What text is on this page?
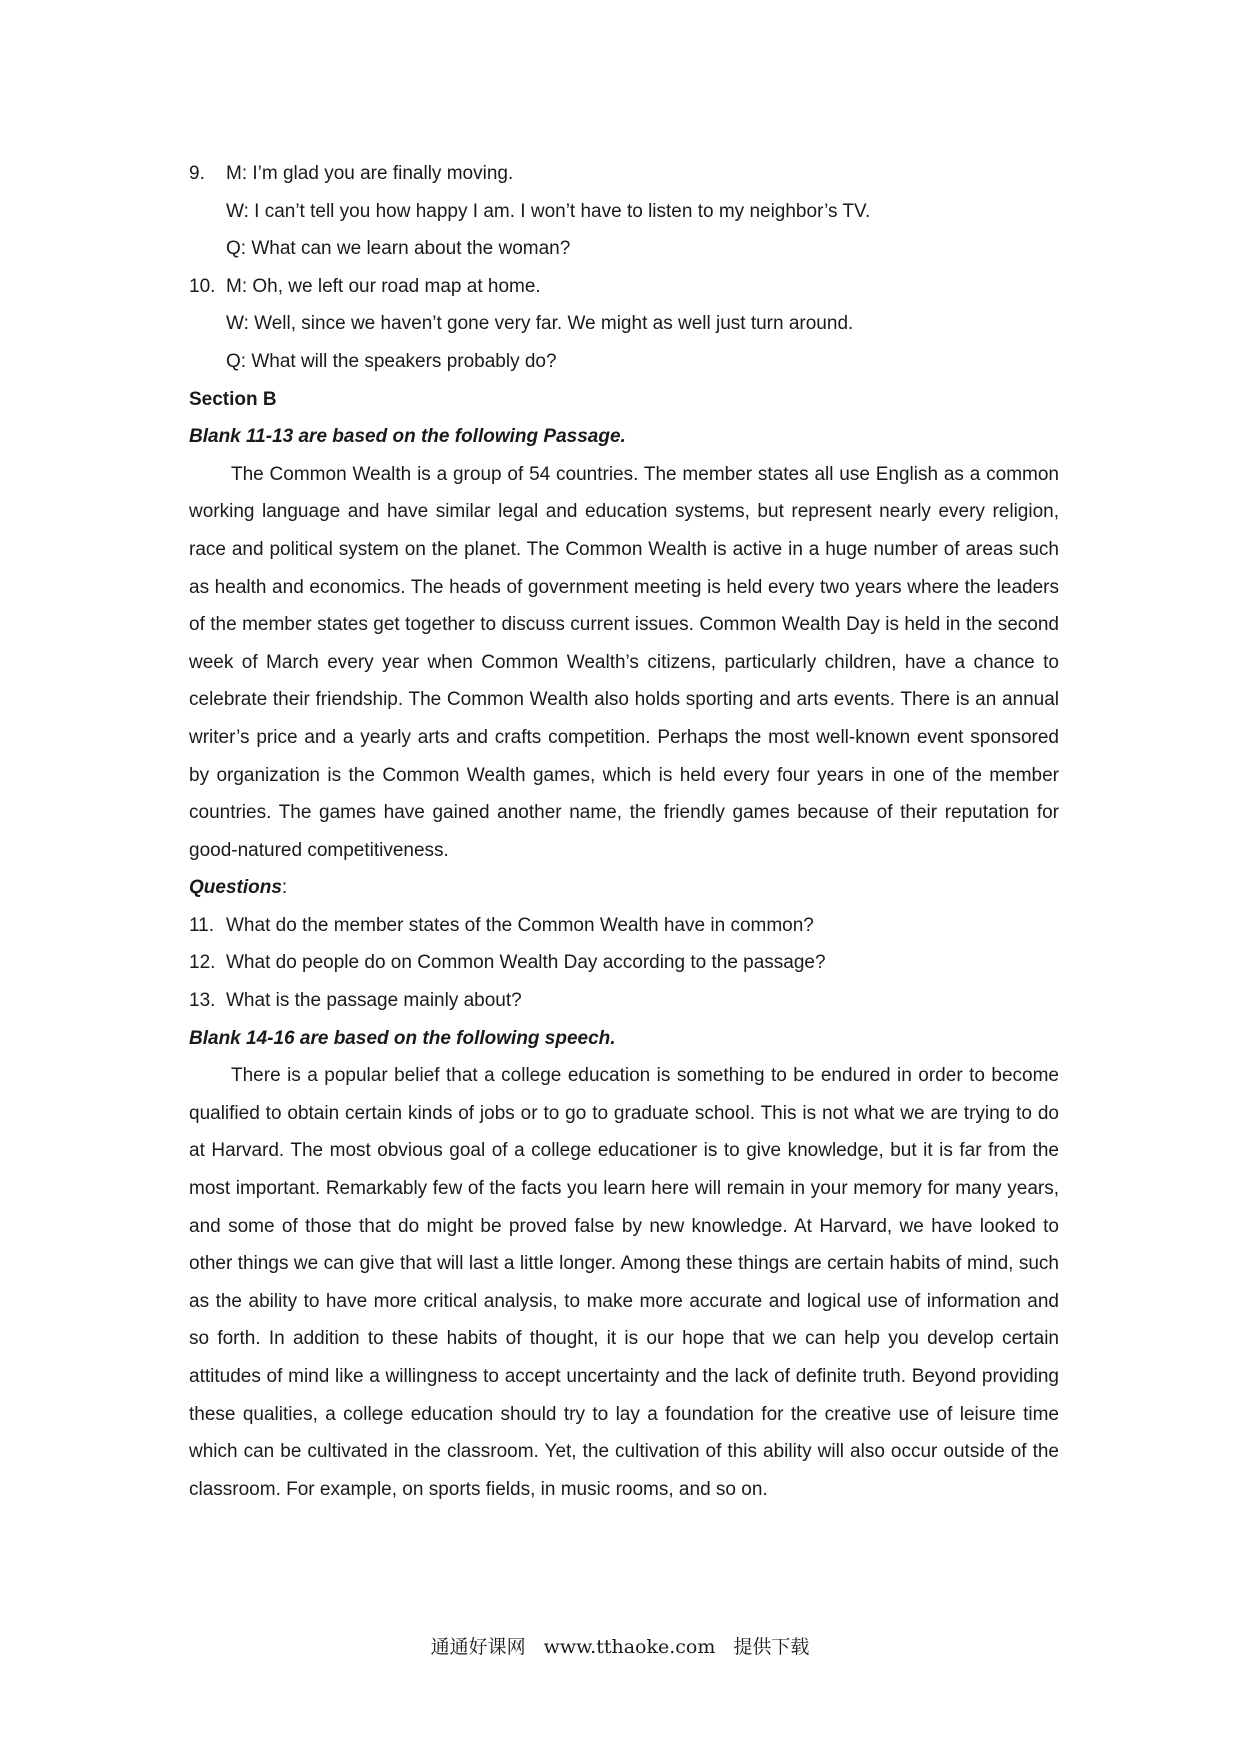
9.	M: I’m glad you are finally moving.
W: I can’t tell you how happy I am. I won’t have to listen to my neighbor’s TV.
Q: What can we learn about the woman?
10. M: Oh, we left our road map at home.
W: Well, since we haven’t gone very far. We might as well just turn around.
Q: What will the speakers probably do?
Section B
Blank 11-13 are based on the following Passage.

The Common Wealth is a group of 54 countries. The member states all use English as a common working language and have similar legal and education systems, but represent nearly every religion, race and political system on the planet. The Common Wealth is active in a huge number of areas such as health and economics. The heads of government meeting is held every two years where the leaders of the member states get together to discuss current issues. Common Wealth Day is held in the second week of March every year when Common Wealth’s citizens, particularly children, have a chance to celebrate their friendship. The Common Wealth also holds sporting and arts events. There is an annual writer’s price and a yearly arts and crafts competition. Perhaps the most well-known event sponsored by organization is the Common Wealth games, which is held every four years in one of the member countries. The games have gained another name, the friendly games because of their reputation for good-natured competitiveness.

Questions:
11. What do the member states of the Common Wealth have in common?
12. What do people do on Common Wealth Day according to the passage?
13. What is the passage mainly about?
Blank 14-16 are based on the following speech.

There is a popular belief that a college education is something to be endured in order to become qualified to obtain certain kinds of jobs or to go to graduate school. This is not what we are trying to do at Harvard. The most obvious goal of a college educationer is to give knowledge, but it is far from the most important. Remarkably few of the facts you learn here will remain in your memory for many years, and some of those that do might be proved false by new knowledge. At Harvard, we have looked to other things we can give that will last a little longer. Among these things are certain habits of mind, such as the ability to have more critical analysis, to make more accurate and logical use of information and so forth. In addition to these habits of thought, it is our hope that we can help you develop certain attitudes of mind like a willingness to accept uncertainty and the lack of definite truth. Beyond providing these qualities, a college education should try to lay a foundation for the creative use of leisure time which can be cultivated in the classroom. Yet, the cultivation of this ability will also occur outside of the classroom. For example, on sports fields, in music rooms, and so on.

通通好课网 www.tthaoke.com 提供下载
